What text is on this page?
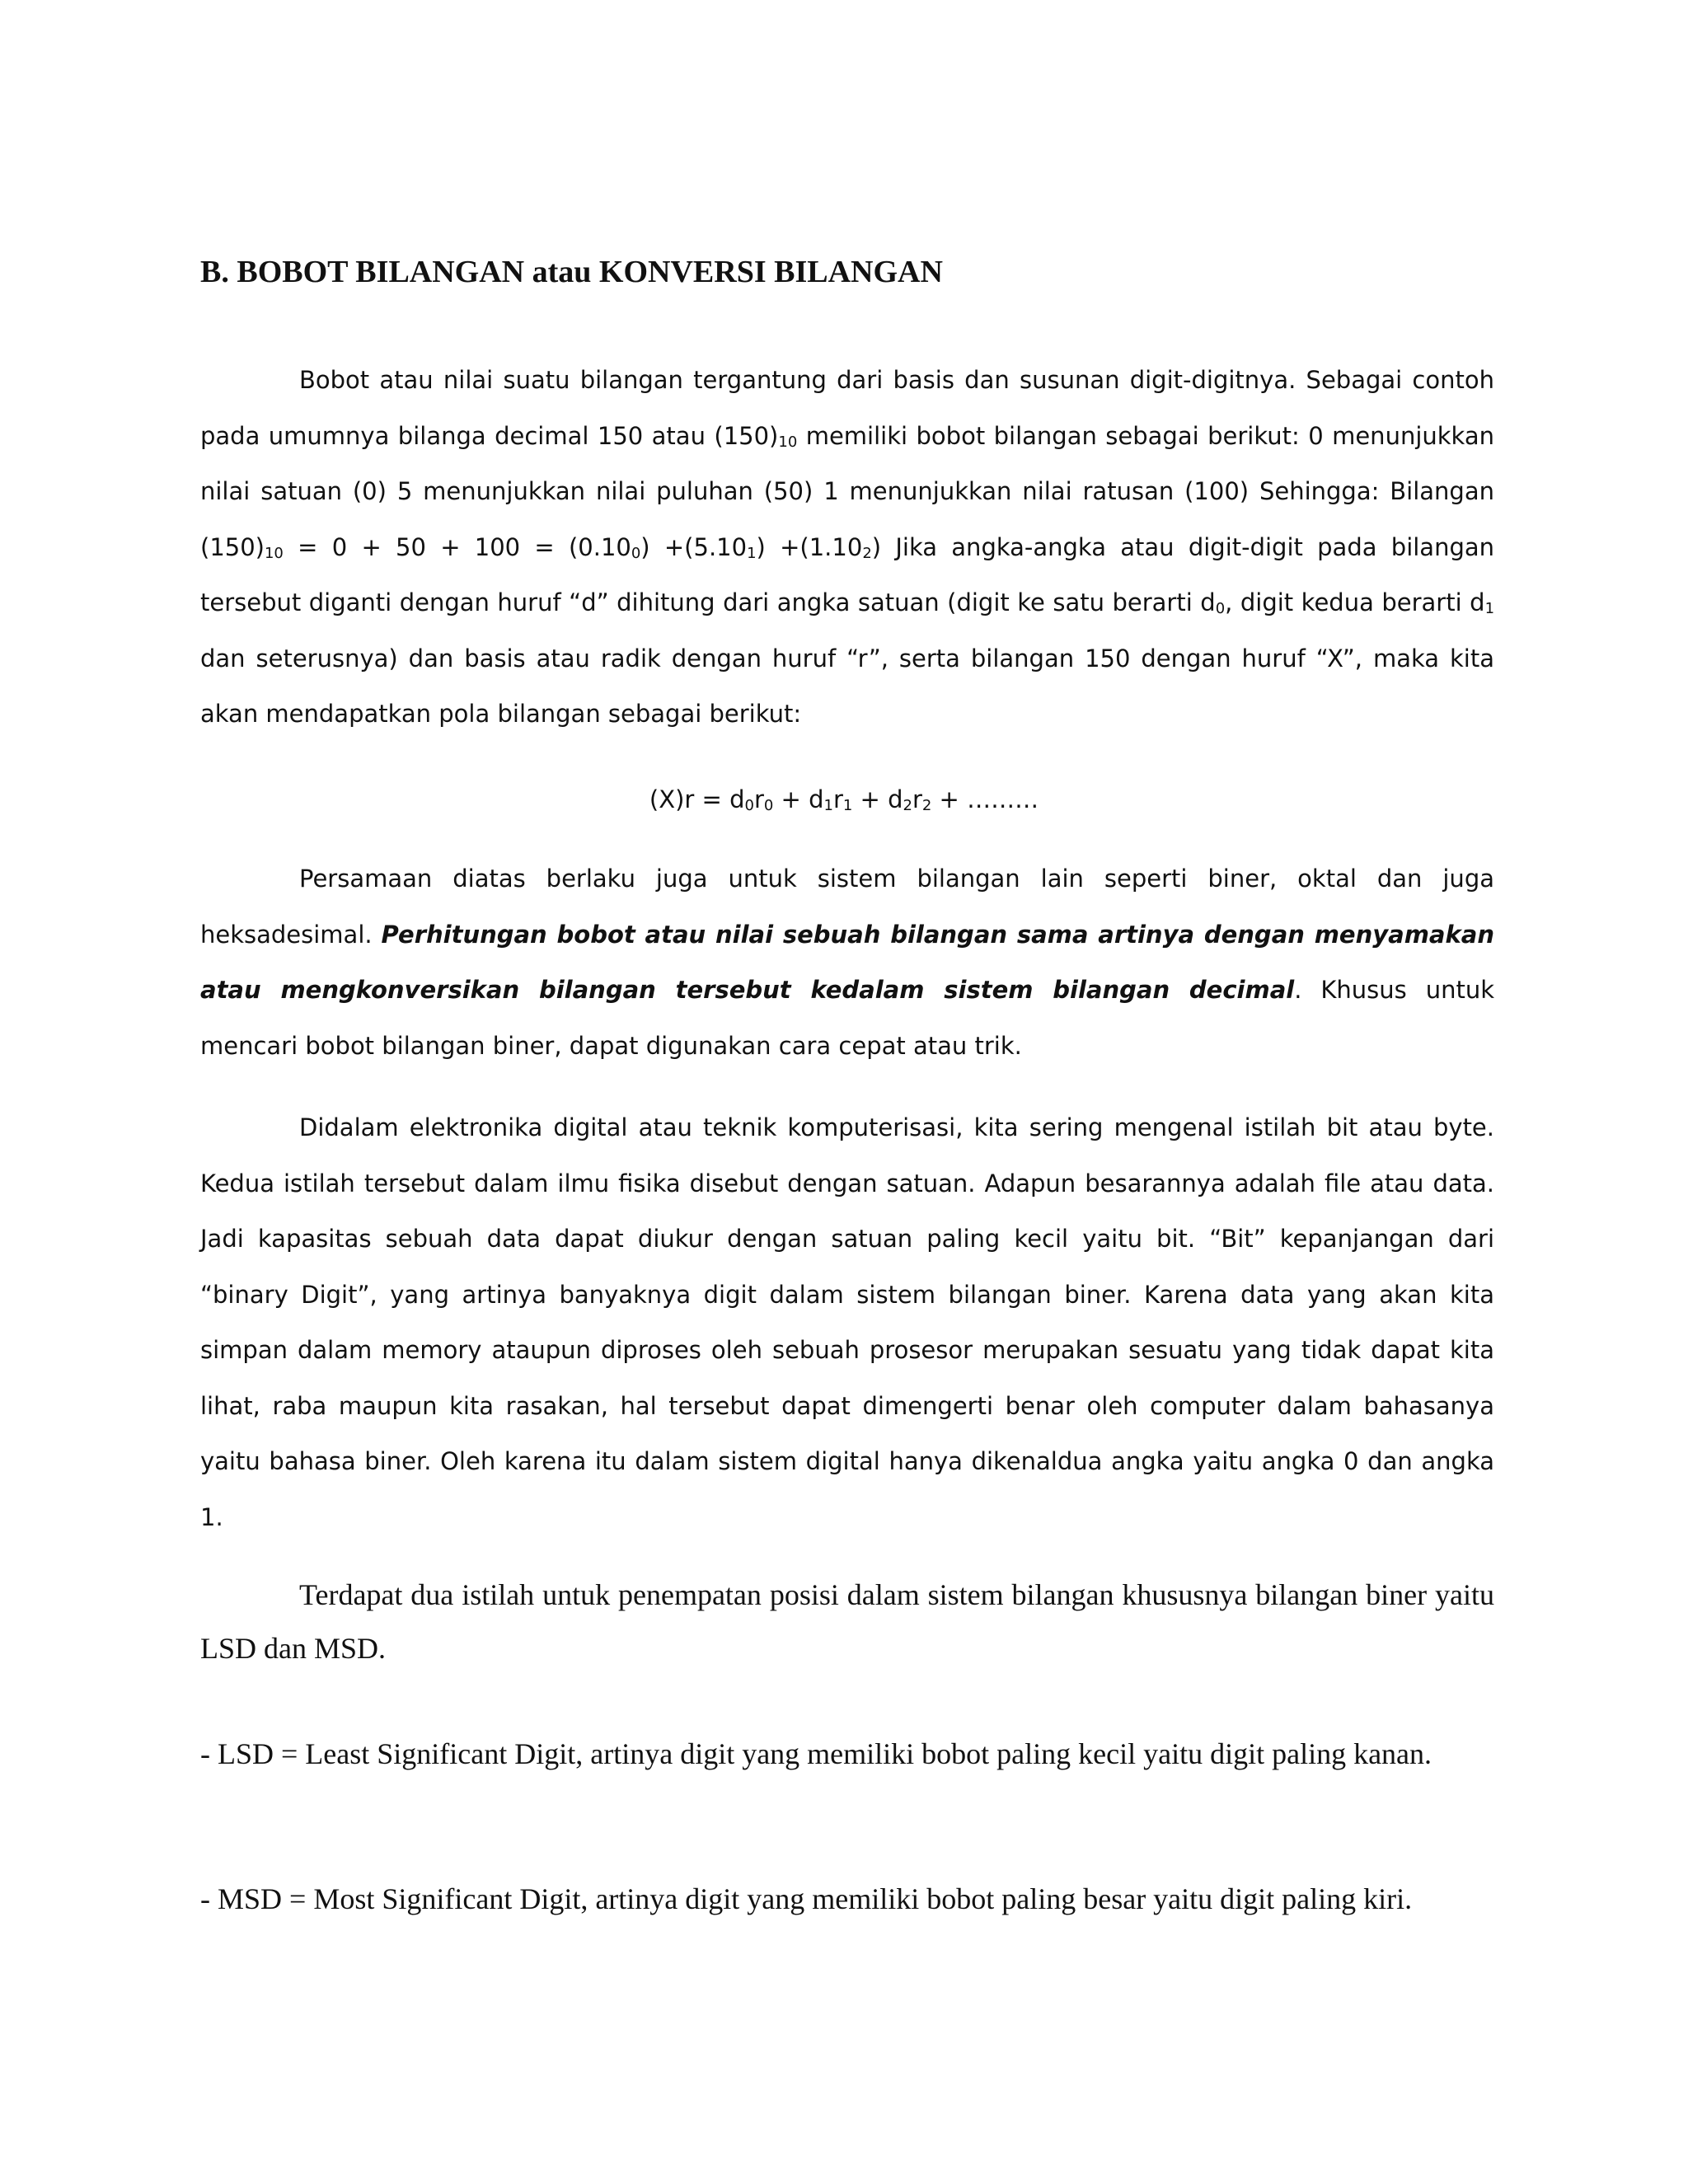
B. BOBOT BILANGAN atau KONVERSI BILANGAN

Bobot atau nilai suatu bilangan tergantung dari basis dan susunan digit-digitnya. Sebagai contoh pada umumnya bilanga decimal 150 atau $(150)_{10}$ memiliki bobot bilangan sebagai berikut: 0 menunjukkan nilai satuan (0) 5 menunjukkan nilai puluhan (50) 1 menunjukkan nilai ratusan (100) Sehingga: Bilangan $(150)_{10} = 0 + 50 + 100 = (0.10_0) +(5.10_1) +(1.10_2)$ Jika angka-angka atau digit-digit pada bilangan tersebut diganti dengan huruf “d” dihitung dari angka satuan (digit ke satu berarti $d_0$, digit kedua berarti $d_1$ dan seterusnya) dan basis atau radik dengan huruf “r”, serta bilangan 150 dengan huruf “X”, maka kita akan mendapatkan pola bilangan sebagai berikut:

$(X)r = d_0r_0 + d_1r_1 + d_2r_2$ + ………

Persamaan diatas berlaku juga untuk sistem bilangan lain seperti biner, oktal dan juga heksadesimal. Perhitungan bobot atau nilai sebuah bilangan sama artinya dengan menyamakan atau mengkonversikan bilangan tersebut kedalam sistem bilangan decimal. Khusus untuk mencari bobot bilangan biner, dapat digunakan cara cepat atau trik.

Didalam elektronika digital atau teknik komputerisasi, kita sering mengenal istilah bit atau byte. Kedua istilah tersebut dalam ilmu fisika disebut dengan satuan. Adapun besarannya adalah file atau data. Jadi kapasitas sebuah data dapat diukur dengan satuan paling kecil yaitu bit. “Bit” kepanjangan dari “binary Digit”, yang artinya banyaknya digit dalam sistem bilangan biner. Karena data yang akan kita simpan dalam memory ataupun diproses oleh sebuah prosesor merupakan sesuatu yang tidak dapat kita lihat, raba maupun kita rasakan, hal tersebut dapat dimengerti benar oleh computer dalam bahasanya yaitu bahasa biner. Oleh karena itu dalam sistem digital hanya dikenaldua angka yaitu angka 0 dan angka 1.

Terdapat dua istilah untuk penempatan posisi dalam sistem bilangan khususnya bilangan biner yaitu LSD dan MSD.

- LSD = Least Significant Digit, artinya digit yang memiliki bobot paling kecil yaitu digit paling kanan.

- MSD = Most Significant Digit, artinya digit yang memiliki bobot paling besar yaitu digit paling kiri.
